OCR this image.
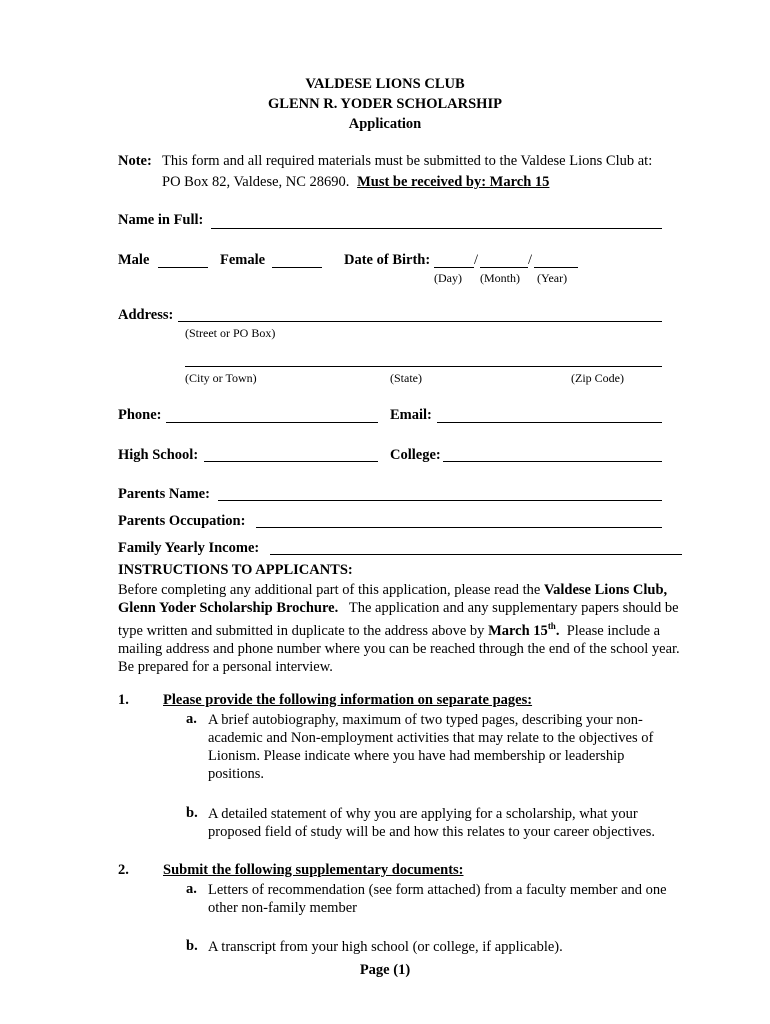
VALDESE LIONS CLUB
GLENN R. YODER SCHOLARSHIP
Application
Note: This form and all required materials must be submitted to the Valdese Lions Club at:
PO Box 82, Valdese, NC 28690. Must be received by: March 15
Name in Full:
Male	Female	Date of Birth:	/	/
(Day) (Month) (Year)
Address:
(Street or PO Box)
(City or Town)	(State)	(Zip Code)
Phone:	Email:
High School:	College:
Parents Name:
Parents Occupation:
Family Yearly Income:
INSTRUCTIONS TO APPLICANTS:
Before completing any additional part of this application, please read the Valdese Lions Club, Glenn Yoder Scholarship Brochure. The application and any supplementary papers should be type written and submitted in duplicate to the address above by March 15th. Please include a mailing address and phone number where you can be reached through the end of the school year. Be prepared for a personal interview.
1. Please provide the following information on separate pages:
a. A brief autobiography, maximum of two typed pages, describing your non-academic and Non-employment activities that may relate to the objectives of Lionism. Please indicate where you have had membership or leadership positions.
b. A detailed statement of why you are applying for a scholarship, what your proposed field of study will be and how this relates to your career objectives.
2. Submit the following supplementary documents:
a. Letters of recommendation (see form attached) from a faculty member and one other non-family member
b. A transcript from your high school (or college, if applicable).
Page (1)
